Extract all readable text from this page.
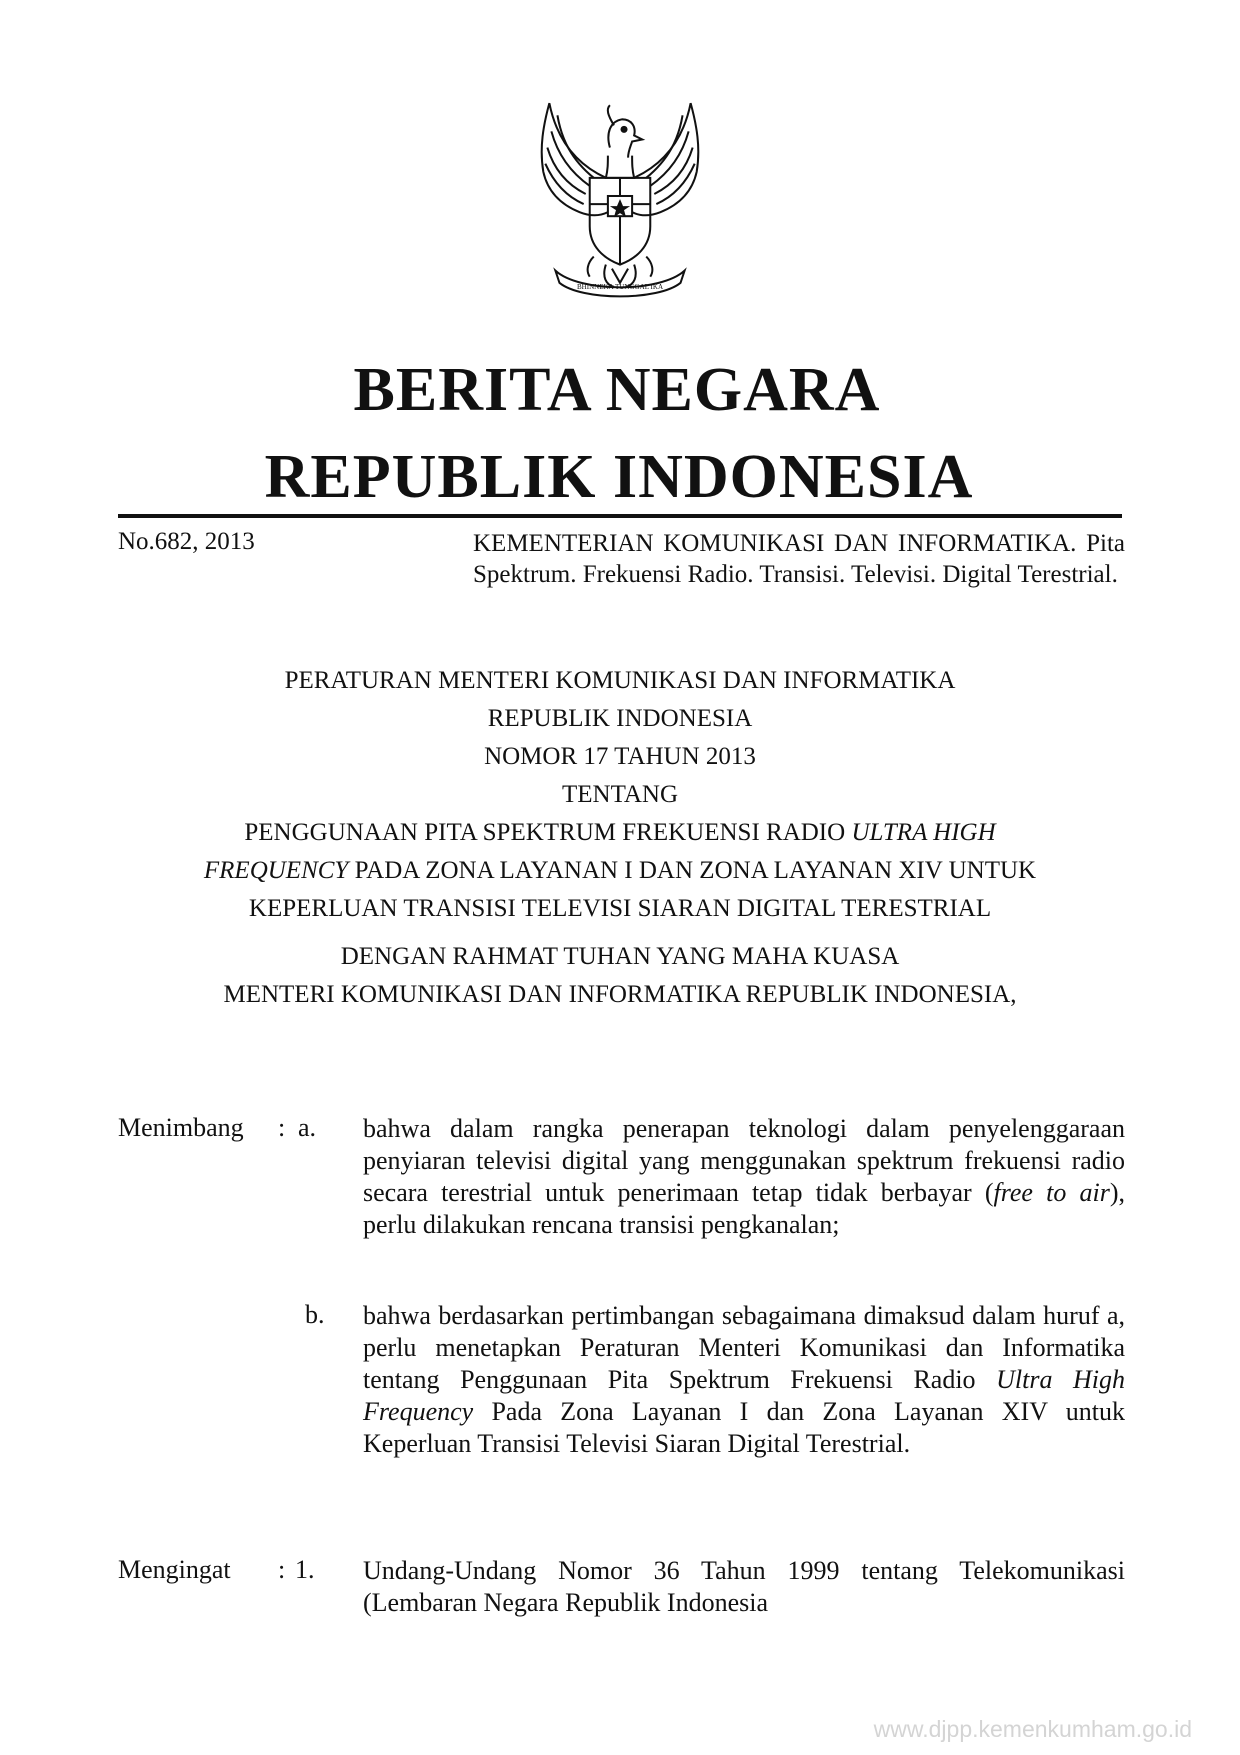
BHINNEKA TUNGGAL IKA
BERITA NEGARA
REPUBLIK INDONESIA
No.682, 2013	KEMENTERIAN KOMUNIKASI DAN INFORMATIKA. Pita Spektrum. Frekuensi Radio. Transisi. Televisi. Digital Terestrial.
PERATURAN MENTERI KOMUNIKASI DAN INFORMATIKA
REPUBLIK INDONESIA
NOMOR 17 TAHUN 2013
TENTANG
PENGGUNAAN PITA SPEKTRUM FREKUENSI RADIO ULTRA HIGH
FREQUENCY PADA ZONA LAYANAN I DAN ZONA LAYANAN XIV UNTUK
KEPERLUAN TRANSISI TELEVISI SIARAN DIGITAL TERESTRIAL
DENGAN RAHMAT TUHAN YANG MAHA KUASA
MENTERI KOMUNIKASI DAN INFORMATIKA REPUBLIK INDONESIA,
Menimbang : a. bahwa dalam rangka penerapan teknologi dalam penyelenggaraan penyiaran televisi digital yang menggunakan spektrum frekuensi radio secara terestrial untuk penerimaan tetap tidak berbayar (free to air), perlu dilakukan rencana transisi pengkanalan;
b. bahwa berdasarkan pertimbangan sebagaimana dimaksud dalam huruf a, perlu menetapkan Peraturan Menteri Komunikasi dan Informatika tentang Penggunaan Pita Spektrum Frekuensi Radio Ultra High Frequency Pada Zona Layanan I dan Zona Layanan XIV untuk Keperluan Transisi Televisi Siaran Digital Terestrial.
Mengingat : 1. Undang-Undang Nomor 36 Tahun 1999 tentang Telekomunikasi (Lembaran Negara Republik Indonesia
www.djpp.kemenkumham.go.id
